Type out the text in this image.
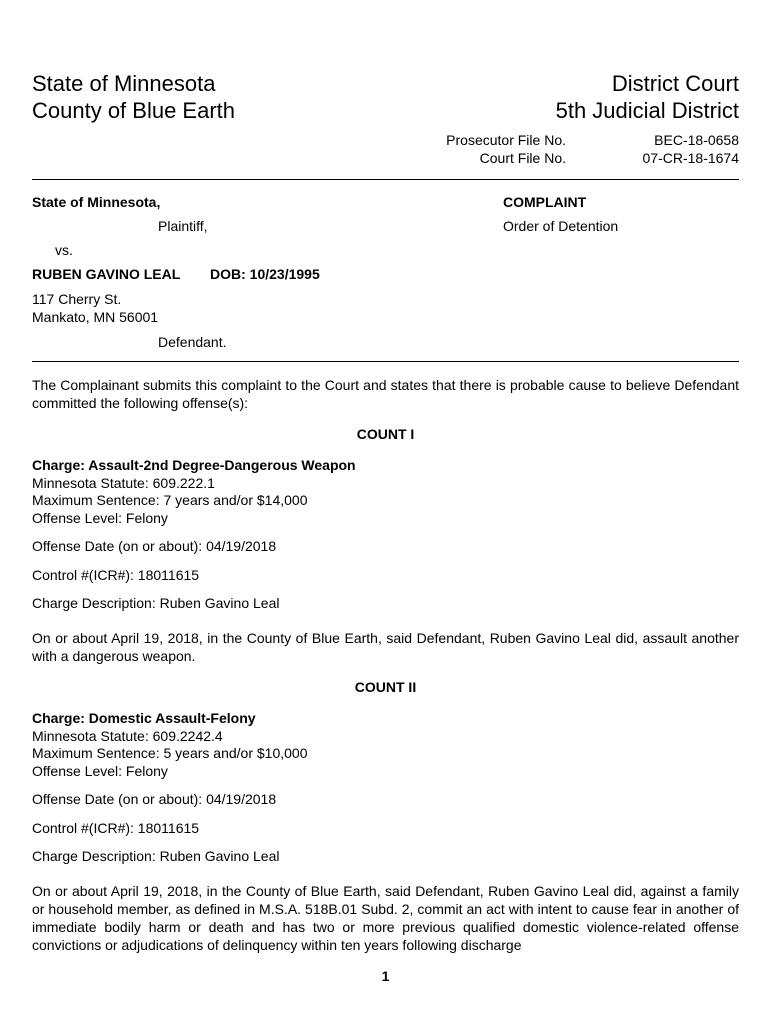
State of Minnesota	District Court
County of Blue Earth	5th Judicial District
Prosecutor File No.	BEC-18-0658
Court File No.	07-CR-18-1674
State of Minnesota,	COMPLAINT
Plaintiff,	Order of Detention
vs.
RUBEN GAVINO LEAL DOB: 10/23/1995
117 Cherry St.
Mankato, MN 56001
Defendant.
The Complainant submits this complaint to the Court and states that there is probable cause to believe Defendant committed the following offense(s):
COUNT I
Charge: Assault-2nd Degree-Dangerous Weapon
Minnesota Statute: 609.222.1
Maximum Sentence: 7 years and/or $14,000
Offense Level: Felony
Offense Date (on or about): 04/19/2018
Control #(ICR#): 18011615
Charge Description: Ruben Gavino Leal
On or about April 19, 2018, in the County of Blue Earth, said Defendant, Ruben Gavino Leal did, assault another with a dangerous weapon.
COUNT II
Charge: Domestic Assault-Felony
Minnesota Statute: 609.2242.4
Maximum Sentence: 5 years and/or $10,000
Offense Level: Felony
Offense Date (on or about): 04/19/2018
Control #(ICR#): 18011615
Charge Description: Ruben Gavino Leal
On or about April 19, 2018, in the County of Blue Earth, said Defendant, Ruben Gavino Leal did, against a family or household member, as defined in M.S.A. 518B.01 Subd. 2, commit an act with intent to cause fear in another of immediate bodily harm or death and has two or more previous qualified domestic violence-related offense convictions or adjudications of delinquency within ten years following discharge
1
